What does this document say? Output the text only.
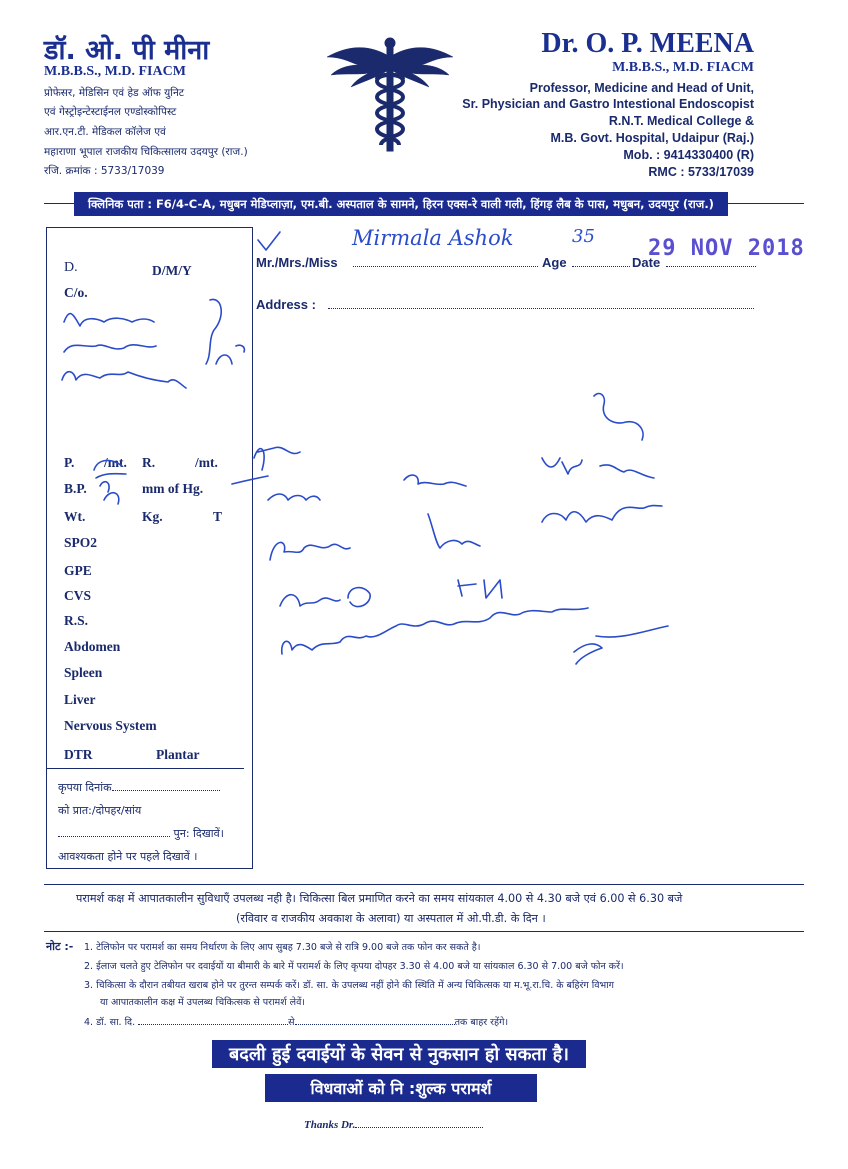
डॉ. ओ. पी मीना
M.B.B.S., M.D. FIACM
प्रोफेसर, मेडिसिन एवं हेड ऑफ युनिट
एवं गेस्ट्रोइन्टेस्टाईनल एण्डोस्कोपिस्ट
आर.एन.टी. मेडिकल कॉलेज एवं
महाराणा भूपाल राजकीय चिकित्सालय उदयपुर (राज.)
रजि. क्रमांक : 5733/17039
Dr. O. P. MEENA
M.B.B.S., M.D. FIACM
Professor, Medicine and Head of Unit,
Sr. Physician and Gastro Intestional Endoscopist
R.N.T. Medical College &
M.B. Govt. Hospital, Udaipur (Raj.)
Mob. : 9414330400 (R)
RMC : 5733/17039
क्लिनिक पता : F6/4-C-A, मधुबन मेडिप्लाज़ा, एम.बी. अस्पताल के सामने, हिरन एक्स-रे वाली गली, हिंगड़ लैब के पास, मधुबन, उदयपुर (राज.)
D.	D/M/Y
C/o.
P. /mt. R.	/mt.
B.P.	mm of Hg.
Wt.	Kg.	T
SPO2
GPE
CVS
R.S.
Abdomen
Spleen
Liver
Nervous System
DTR	Plantar
कृपया दिनांक
को प्रात:/दोपहर/सांय
पुन: दिखावें।
आवश्यकता होने पर पहले दिखावें ।
Mr./Mrs./Miss	Age	Date
Address :
Mirmala Ashok	35 29 NOV 2018
परामर्श कक्ष में आपातकालीन सुविधाएँ उपलब्ध नही है। चिकित्सा बिल प्रमाणित करने का समय सांयकाल 4.00 से 4.30 बजे एवं 6.00 से 6.30 बजे
(रविवार व राजकीय अवकाश के अलावा) या अस्पताल में ओ.पी.डी. के दिन ।
नोट :- 1. टेलिफोन पर परामर्श का समय निर्धारण के लिए आप सुबह 7.30 बजे से रात्रि 9.00 बजे तक फोन कर सकते है।
2. ईलाज चलते हुए टेलिफोन पर दवाईयों या बीमारी के बारे में परामर्श के लिए कृपया दोपहर 3.30 से 4.00 बजे या सांयकाल 6.30 से 7.00 बजे फोन करें।
3. चिकित्सा के दौरान तबीयत खराब होने पर तुरन्त सम्पर्क करें। डॉ. सा. के उपलब्ध नहीं होने की स्थिति में अन्य चिकित्सक या म.भू.रा.चि. के बहिरंग विभाग
या आपातकालीन कक्ष में उपलब्ध चिकित्सक से परामर्श लेवें।
4. डॉ. सा. दि.	से	तक बाहर रहेंगे।
बदली हुई दवाईयों के सेवन से नुकसान हो सकता है।
विधवाओं को नि :शुल्क परामर्श
Thanks Dr.
